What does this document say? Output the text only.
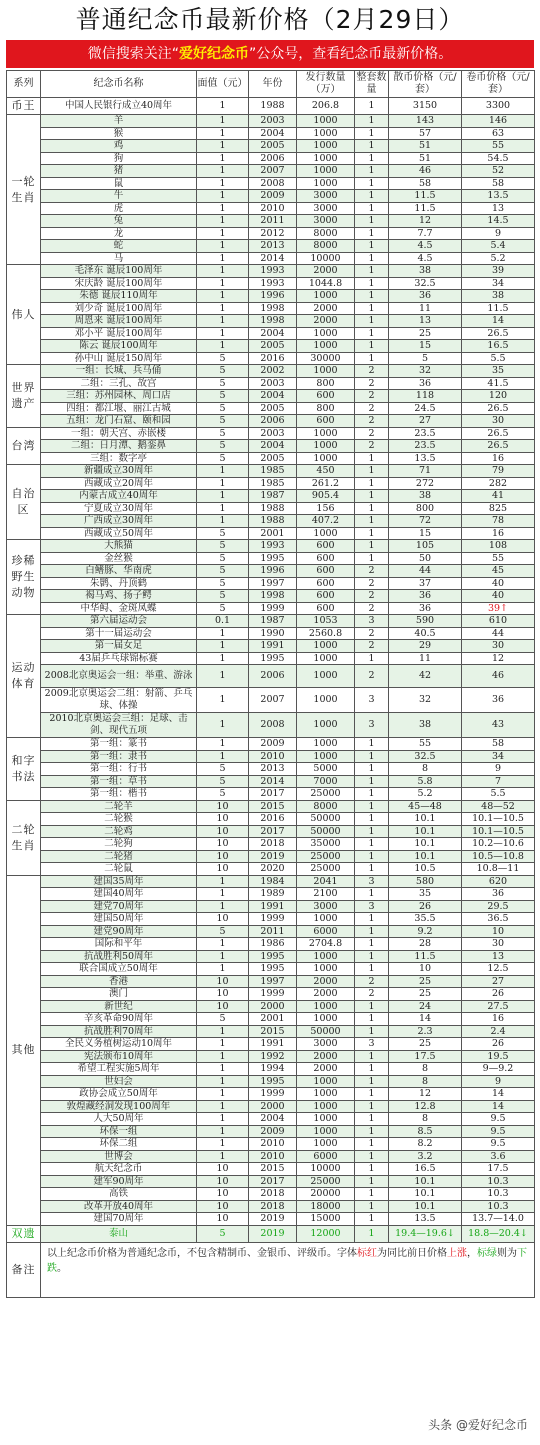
普通纪念币最新价格（2月29日）
微信搜索关注“爱好纪念币”公众号，查看纪念币最新价格。
系列	纪念币名称	面值（元）	年份	发行数量（万）	整套数量	散币价格（元/套）	卷币价格（元/套）
币王	中国人民银行成立40周年	1	1988	206.8	1	3150	3300
一轮生肖	羊	1	2003	1000	1	143	146
	猴	1	2004	1000	1	57	63
	鸡	1	2005	1000	1	51	55
	狗	1	2006	1000	1	51	54.5
	猪	1	2007	1000	1	46	52
	鼠	1	2008	1000	1	58	58
	牛	1	2009	3000	1	11.5	13.5
	虎	1	2010	3000	1	11.5	13
	兔	1	2011	3000	1	12	14.5
	龙	1	2012	8000	1	7.7	9
	蛇	1	2013	8000	1	4.5	5.4
	马	1	2014	10000	1	4.5	5.2
伟人	毛泽东 诞辰100周年	1	1993	2000	1	38	39
	宋庆龄 诞辰100周年	1	1993	1044.8	1	32.5	34
	朱德 诞辰110周年	1	1996	1000	1	36	38
	刘少奇 诞辰100周年	1	1998	2000	1	11	11.5
	周恩来 诞辰100周年	1	1998	2000	1	13	14
	邓小平 诞辰100周年	1	2004	1000	1	25	26.5
	陈云 诞辰100周年	1	2005	1000	1	15	16.5
	孙中山 诞辰150周年	5	2016	30000	1	5	5.5
世界遗产	一组：长城、兵马俑	5	2002	1000	2	32	35
	二组：三孔、故宫	5	2003	800	2	36	41.5
	三组：苏州园林、周口店	5	2004	600	2	118	120
	四组：都江堰、丽江古城	5	2005	800	2	24.5	26.5
	五组：龙门石窟、颐和园	5	2006	600	2	27	30
台湾	一组：朝天宫、赤嵌楼	5	2003	1000	2	23.5	26.5
	二组：日月潭、鹅銮鼻	5	2004	1000	2	23.5	26.5
	三组：数字亭	5	2005	1000	1	13.5	16
自治区	新疆成立30周年	1	1985	450	1	71	79
	西藏成立20周年	1	1985	261.2	1	272	282
	内蒙古成立40周年	1	1987	905.4	1	38	41
	宁夏成立30周年	1	1988	156	1	800	825
	广西成立30周年	1	1988	407.2	1	72	78
	西藏成立50周年	5	2001	1000	1	15	16
珍稀野生动物	大熊猫	5	1993	600	1	105	108
	金丝猴	5	1995	600	1	50	55
	白鳍豚、华南虎	5	1996	600	2	44	45
	朱鹮、丹顶鹤	5	1997	600	2	37	40
	褐马鸡、扬子鳄	5	1998	600	2	36	40
	中华鲟、金斑凤蝶	5	1999	600	2	36	39↑
运动体育	第六届运动会	0.1	1987	1053	3	590	610
	第十一届运动会	1	1990	2560.8	2	40.5	44
	第一届女足	1	1991	1000	2	29	30
	43届乒乓球锦标赛	1	1995	1000	1	11	12
	2008北京奥运会一组：举重、游泳	1	2006	1000	2	42	46
	2009北京奥运会二组：射箭、乒乓球、体操	1	2007	1000	3	32	36
	2010北京奥运会三组：足球、击剑、现代五项	1	2008	1000	3	38	43
和字书法	第一组：篆书	1	2009	1000	1	55	58
	第一组：隶书	1	2010	1000	1	32.5	34
	第一组：行书	5	2013	5000	1	8	9
	第一组：草书	5	2014	7000	1	5.8	7
	第一组：楷书	5	2017	25000	1	5.2	5.5
二轮生肖	二轮羊	10	2015	8000	1	45—48	48—52
	二轮猴	10	2016	50000	1	10.1	10.1—10.5
	二轮鸡	10	2017	50000	1	10.1	10.1—10.5
	二轮狗	10	2018	35000	1	10.1	10.2—10.6
	二轮猪	10	2019	25000	1	10.1	10.5—10.8
	二轮鼠	10	2020	25000	1	10.5	10.8—11
其他	建国35周年	1	1984	2041	3	580	620
	建国40周年	1	1989	2100	1	35	36
	建党70周年	1	1991	3000	3	26	29.5
	建国50周年	10	1999	1000	1	35.5	36.5
	建党90周年	5	2011	6000	1	9.2	10
	国际和平年	1	1986	2704.8	1	28	30
	抗战胜利50周年	1	1995	1000	1	11.5	13
	联合国成立50周年	1	1995	1000	1	10	12.5
	香港	10	1997	2000	2	25	27
	澳门	10	1999	2000	2	25	26
	新世纪	10	2000	1000	1	24	27.5
	辛亥革命90周年	5	2001	1000	1	14	16
	抗战胜利70周年	1	2015	50000	1	2.3	2.4
	全民义务植树运动10周年	1	1991	3000	3	25	26
	宪法颁布10周年	1	1992	2000	1	17.5	19.5
	希望工程实施5周年	1	1994	2000	1	8	9—9.2
	世妇会	1	1995	1000	1	8	9
	政协会成立50周年	1	1999	1000	1	12	14
	敦煌藏经洞发现100周年	1	2000	1000	1	12.8	14
	人大50周年	1	2004	1000	1	8	9.5
	环保一组	1	2009	1000	1	8.5	9.5
	环保二组	1	2010	1000	1	8.2	9.5
	世博会	1	2010	6000	1	3.2	3.6
	航天纪念币	10	2015	10000	1	16.5	17.5
	建军90周年	10	2017	25000	1	10.1	10.3
	高铁	10	2018	20000	1	10.1	10.3
	改革开放40周年	10	2018	18000	1	10.1	10.3
	建国70周年	10	2019	15000	1	13.5	13.7—14.0
双遗	泰山	5	2019	12000	1	19.4—19.6↓	18.8—20.4↓
备注	以上纪念币价格为普通纪念币，不包含精制币、金银币、评级币。字体标红为同比前日价格上涨，标绿则为下跌。						
头条 @爱好纪念币
